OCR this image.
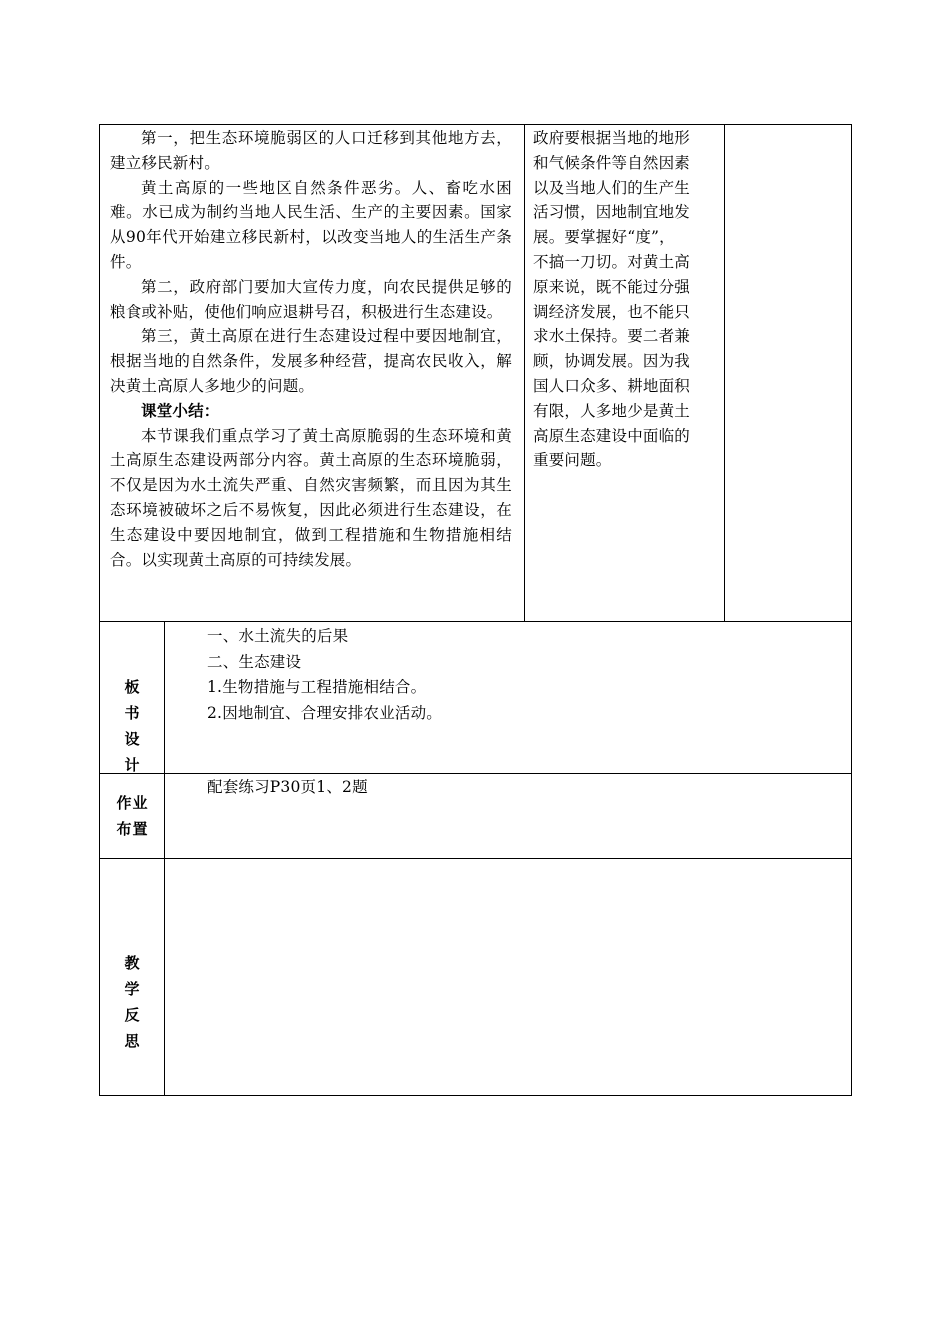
第一，把生态环境脆弱区的人口迁移到其他地方去，建立移民新村。

黄土高原的一些地区自然条件恶劣。人、畜吃水困难。水已成为制约当地人民生活、生产的主要因素。国家从90年代开始建立移民新村，以改变当地人的生活生产条件。

第二，政府部门要加大宣传力度，向农民提供足够的粮食或补贴，使他们响应退耕号召，积极进行生态建设。

第三，黄土高原在进行生态建设过程中要因地制宜，根据当地的自然条件，发展多种经营，提高农民收入，解决黄土高原人多地少的问题。

课堂小结：

本节课我们重点学习了黄土高原脆弱的生态环境和黄土高原生态建设两部分内容。黄土高原的生态环境脆弱，不仅是因为水土流失严重、自然灾害频繁，而且因为其生态环境被破坏之后不易恢复，因此必须进行生态建设，在生态建设中要因地制宜，做到工程措施和生物措施相结合。以实现黄土高原的可持续发展。

政府要根据当地的地形

和气候条件等自然因素

以及当地人们的生产生

活习惯，因地制宜地发

展。要掌握好“度”，

不搞一刀切。对黄土高

原来说，既不能过分强

调经济发展，也不能只

求水土保持。要二者兼

顾，协调发展。因为我

国人口众多、耕地面积

有限，人多地少是黄土

高原生态建设中面临的

重要问题。

板 书
设 计

一、水土流失的后果

二、生态建设

1.生物措施与工程措施相结合。

2.因地制宜、合理安排农业活动。

作业
布置

配套练习P30页1、2题

教 学
反 思
